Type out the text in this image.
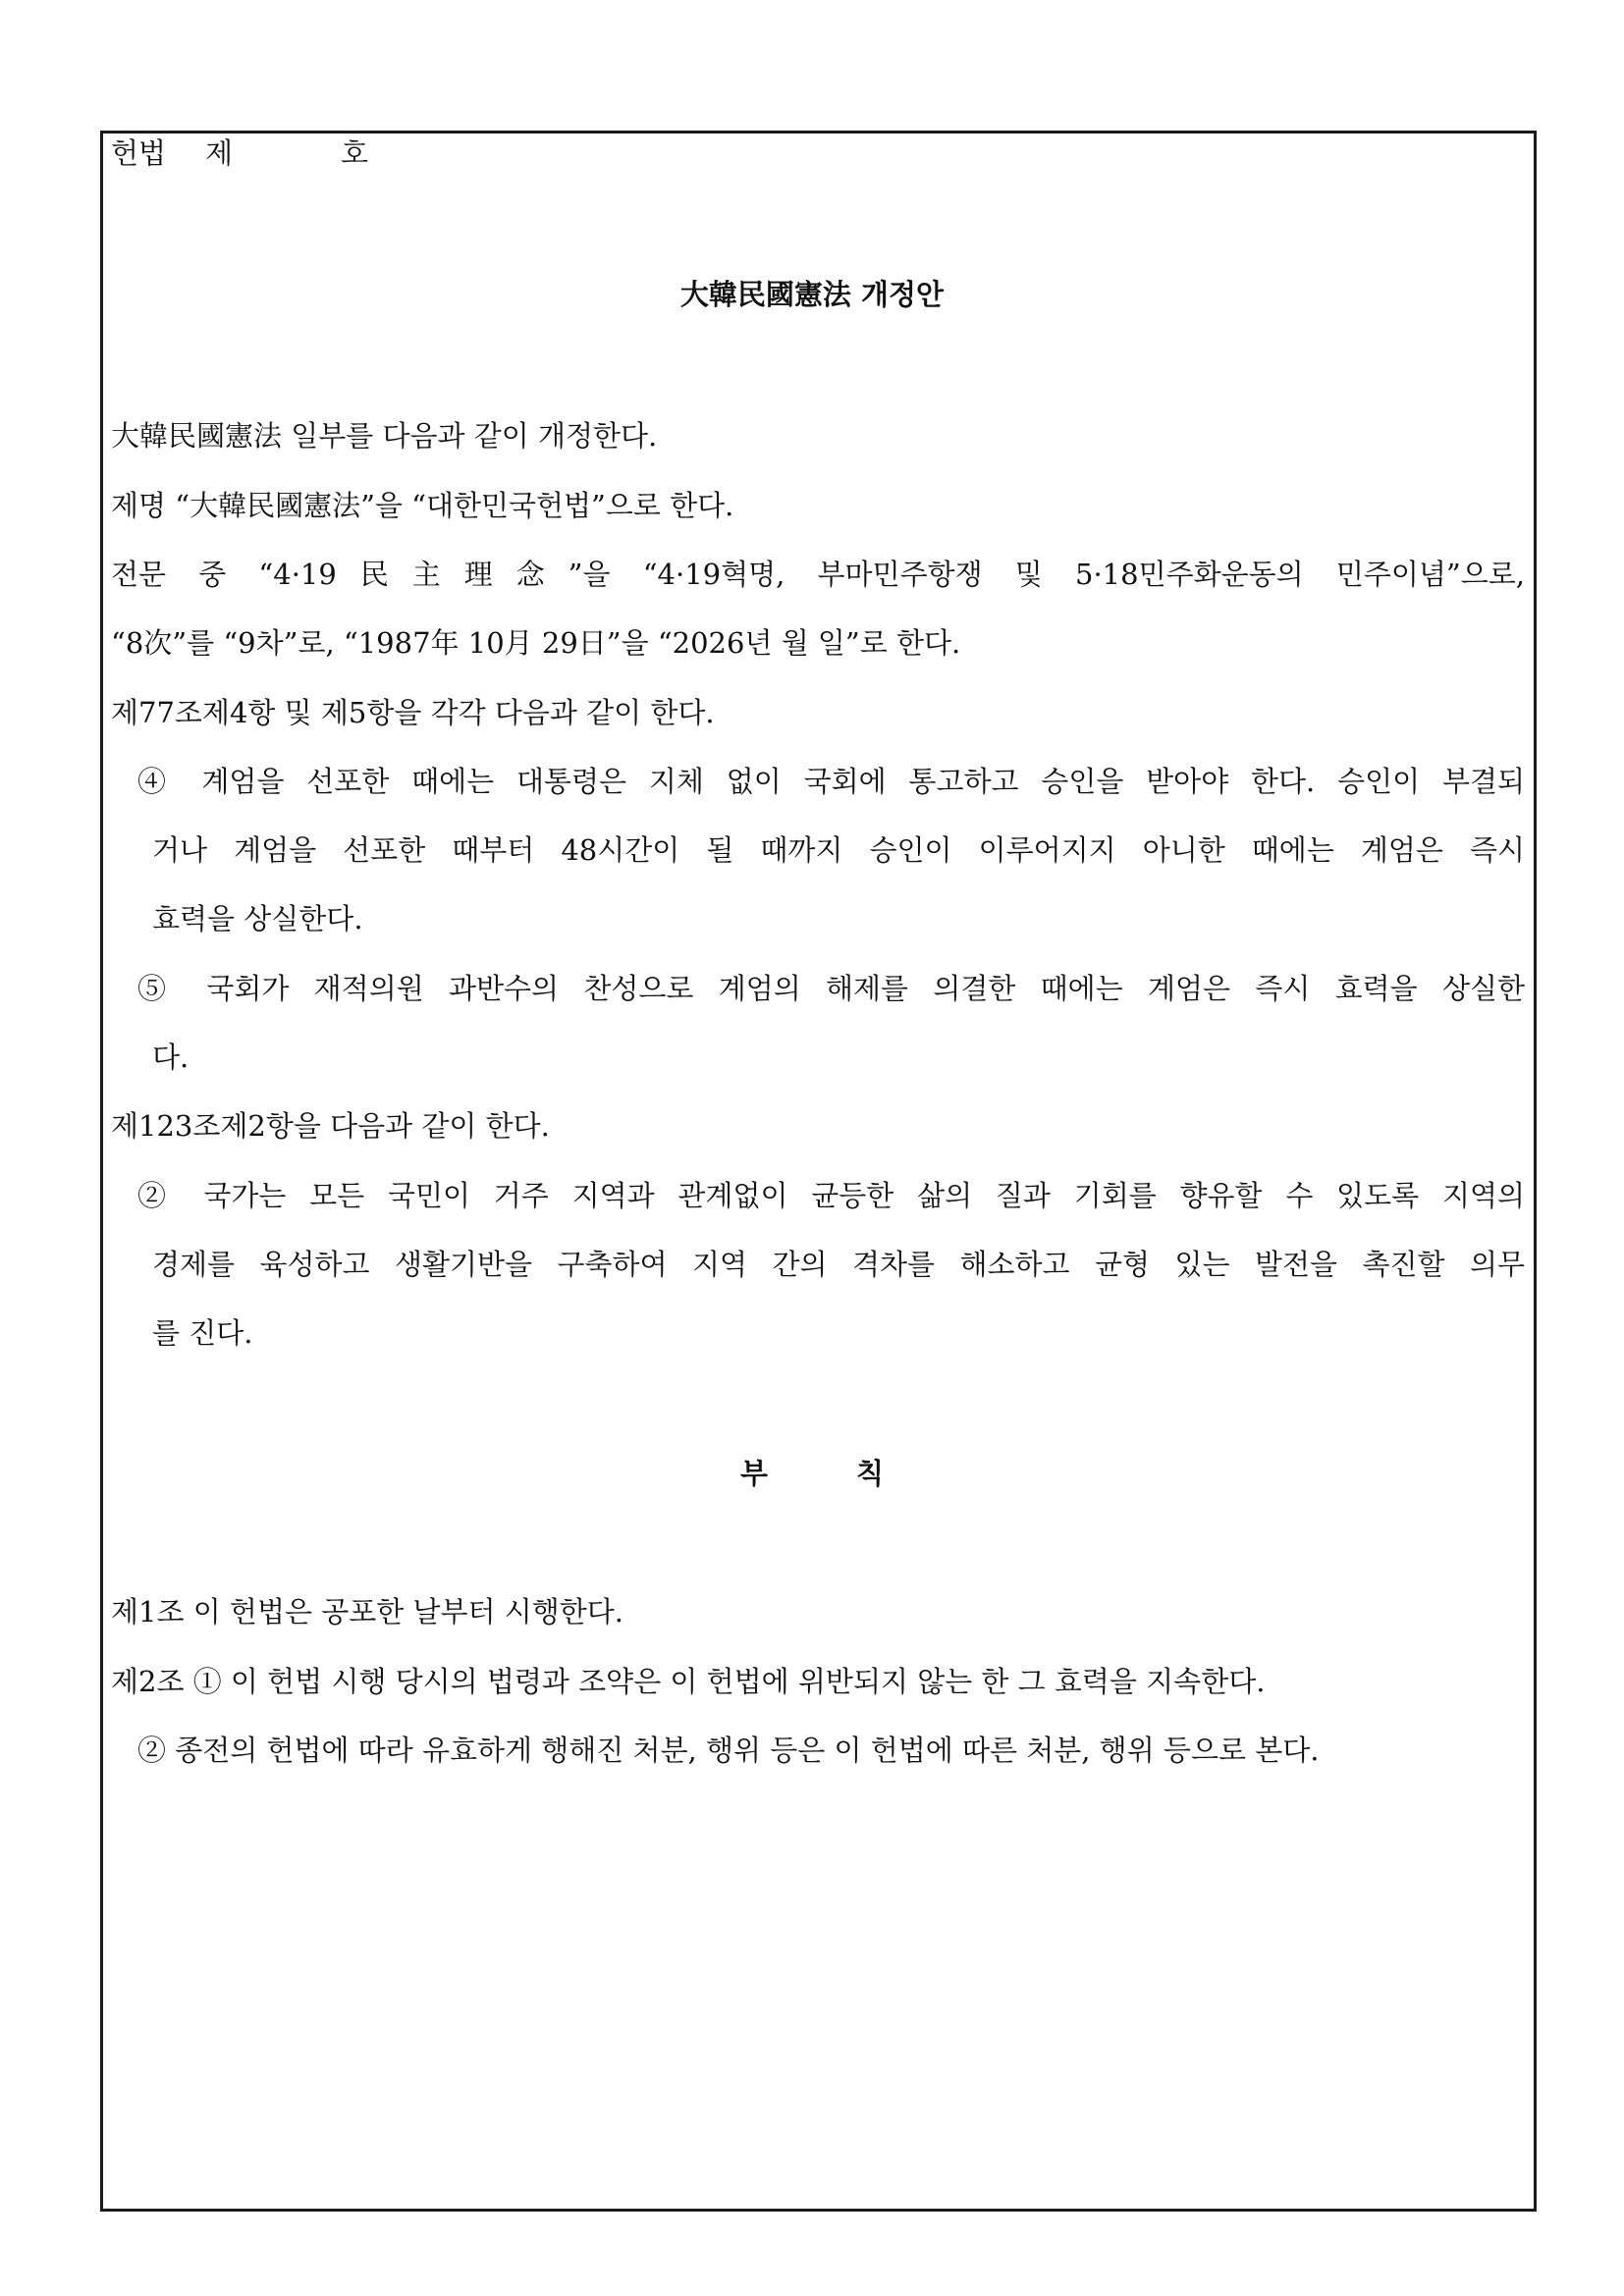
헌법 제	호
大韓民國憲法 개정안
大韓民國憲法 일부를 다음과 같이 개정한다.
제명 “大韓民國憲法”을 “대한민국헌법”으로 한다.
전문 중 “4·19民主理念”을 “4·19혁명, 부마민주항쟁 및 5·18민주화운동의 민주이념”으로,
“8次”를 “9차”로, “1987年 10月 29日”을 “2026년 월 일”로 한다.
제77조제4항 및 제5항을 각각 다음과 같이 한다.
④ 계엄을 선포한 때에는 대통령은 지체 없이 국회에 통고하고 승인을 받아야 한다. 승인이 부결되
거나 계엄을 선포한 때부터 48시간이 될 때까지 승인이 이루어지지 아니한 때에는 계엄은 즉시
효력을 상실한다.
⑤ 국회가 재적의원 과반수의 찬성으로 계엄의 해제를 의결한 때에는 계엄은 즉시 효력을 상실한
다.
제123조제2항을 다음과 같이 한다.
② 국가는 모든 국민이 거주 지역과 관계없이 균등한 삶의 질과 기회를 향유할 수 있도록 지역의
경제를 육성하고 생활기반을 구축하여 지역 간의 격차를 해소하고 균형 있는 발전을 촉진할 의무
를 진다.
부	칙
제1조 이 헌법은 공포한 날부터 시행한다.
제2조 ① 이 헌법 시행 당시의 법령과 조약은 이 헌법에 위반되지 않는 한 그 효력을 지속한다.
② 종전의 헌법에 따라 유효하게 행해진 처분, 행위 등은 이 헌법에 따른 처분, 행위 등으로 본다.
